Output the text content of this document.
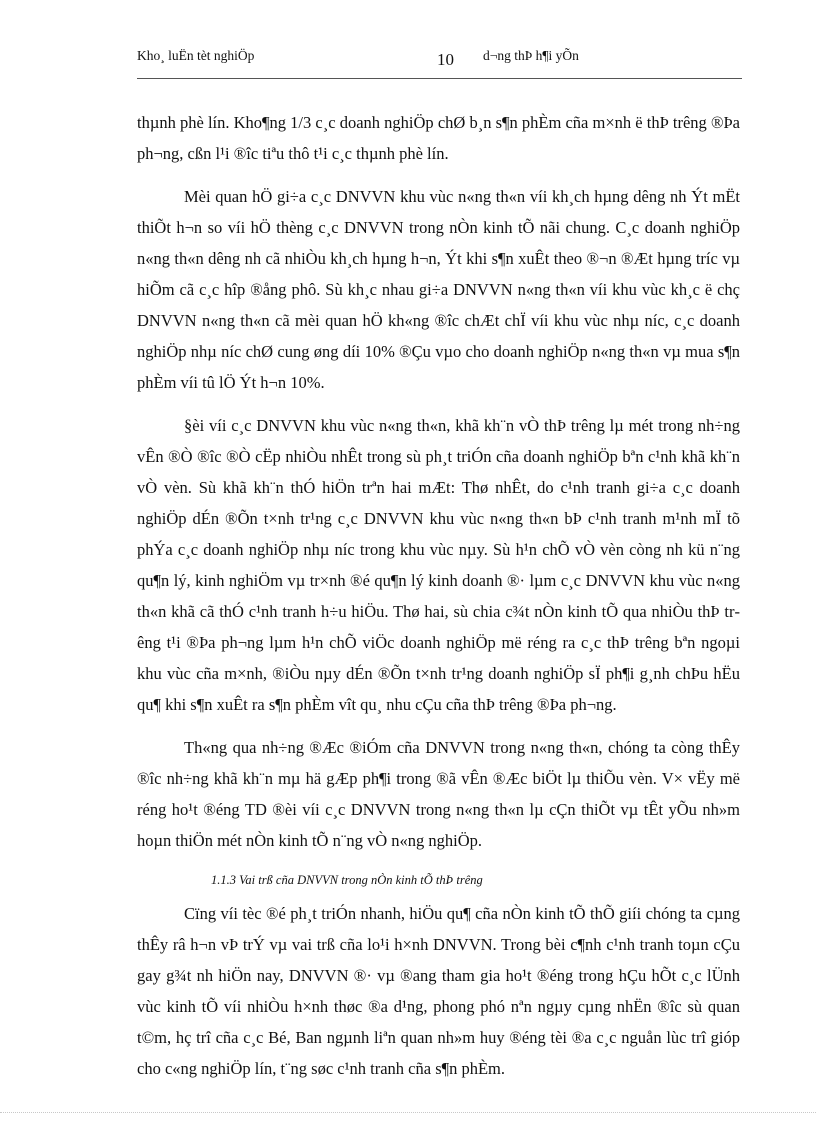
Kho¸ luËn tèt nghiÖp	10 d¬ng thÞ h¶i yÕn

thµnh phè lín. Kho¶ng 1/3 c¸c doanh nghiÖp chØ b¸n s¶n phÈm cña m×nh ë thÞ trêng ®Þa ph¬ng, cßn l¹i ®îc tiªu thô t¹i c¸c thµnh phè lín.

Mèi quan hÖ gi÷a c¸c DNVVN khu vùc n«ng th«n víi kh¸ch hµng dêng nh Ýt mËt thiÕt h¬n so víi hÖ thèng c¸c DNVVN trong nÒn kinh tÕ nãi chung. C¸c doanh nghiÖp n«ng th«n dêng nh cã nhiÒu kh¸ch hµng h¬n, Ýt khi s¶n xuÊt theo ®¬n ®Æt hµng tríc vµ hiÕm cã c¸c hîp ®ång phô. Sù kh¸c nhau gi÷a DNVVN n«ng th«n víi khu vùc kh¸c ë chç DNVVN n«ng th«n cã mèi quan hÖ kh«ng ®îc chÆt chÏ víi khu vùc nhµ níc, c¸c doanh nghiÖp nhµ níc chØ cung øng díi 10% ®Çu vµo cho doanh nghiÖp n«ng th«n vµ mua s¶n phÈm víi tû lÖ Ýt h¬n 10%.

§èi víi c¸c DNVVN khu vùc n«ng th«n, khã kh¨n vÒ thÞ trêng lµ mét trong nh÷ng vÊn ®Ò ®îc ®Ò cËp nhiÒu nhÊt trong sù ph¸t triÓn cña doanh nghiÖp bªn c¹nh khã kh¨n vÒ vèn. Sù khã kh¨n thÓ hiÖn trªn hai mÆt: Thø nhÊt, do c¹nh tranh gi÷a c¸c doanh nghiÖp dÉn ®Õn t×nh tr¹ng c¸c DNVVN khu vùc n«ng th«n bÞ c¹nh tranh m¹nh mÏ tõ phÝa c¸c doanh nghiÖp nhµ níc trong khu vùc nµy. Sù h¹n chÕ vÒ vèn còng nh kü n¨ng qu¶n lý, kinh nghiÖm vµ tr×nh ®é qu¶n lý kinh doanh ®· lµm c¸c DNVVN khu vùc n«ng th«n khã cã thÓ c¹nh tranh h÷u hiÖu. Thø hai, sù chia c¾t nÒn kinh tÕ qua nhiÒu thÞ trêng t¹i ®Þa ph¬ng lµm h¹n chÕ viÖc doanh nghiÖp më réng ra c¸c thÞ trêng bªn ngoµi khu vùc cña m×nh, ®iÒu nµy dÉn ®Õn t×nh tr¹ng doanh nghiÖp sÏ ph¶i g¸nh chÞu hËu qu¶ khi s¶n xuÊt ra s¶n phÈm vît qu¸ nhu cÇu cña thÞ trêng ®Þa ph¬ng.

Th«ng qua nh÷ng ®Æc ®iÓm cña DNVVN trong n«ng th«n, chóng ta còng thÊy ®îc nh÷ng khã kh¨n mµ hä gÆp ph¶i trong ®ã vÊn ®Æc biÖt lµ thiÕu vèn. V× vËy më réng ho¹t ®éng TD ®èi víi c¸c DNVVN trong n«ng th«n lµ cÇn thiÕt vµ tÊt yÕu nh»m hoµn thiÖn mét nÒn kinh tÕ n¨ng vÒ n«ng nghiÖp.

1.1.3 Vai trß cña DNVVN trong nÒn kinh tÕ thÞ trêng

Cïng víi tèc ®é ph¸t triÓn nhanh, hiÖu qu¶ cña nÒn kinh tÕ thÕ giíi chóng ta cµng thÊy râ h¬n vÞ trÝ vµ vai trß cña lo¹i h×nh DNVVN. Trong bèi c¶nh c¹nh tranh toµn cÇu gay g¾t nh hiÖn nay, DNVVN ®· vµ ®ang tham gia ho¹t ®éng trong hÇu hÕt c¸c lÜnh vùc kinh tÕ víi nhiÒu h×nh thøc ®a d¹ng, phong phó nªn ngµy cµng nhËn ®îc sù quan t©m, hç trî cña c¸c Bé, Ban ngµnh liªn quan nh»m huy ®éng tèi ®a c¸c nguån lùc trî gióp cho c«ng nghiÖp lín, t¨ng søc c¹nh tranh cña s¶n phÈm.
